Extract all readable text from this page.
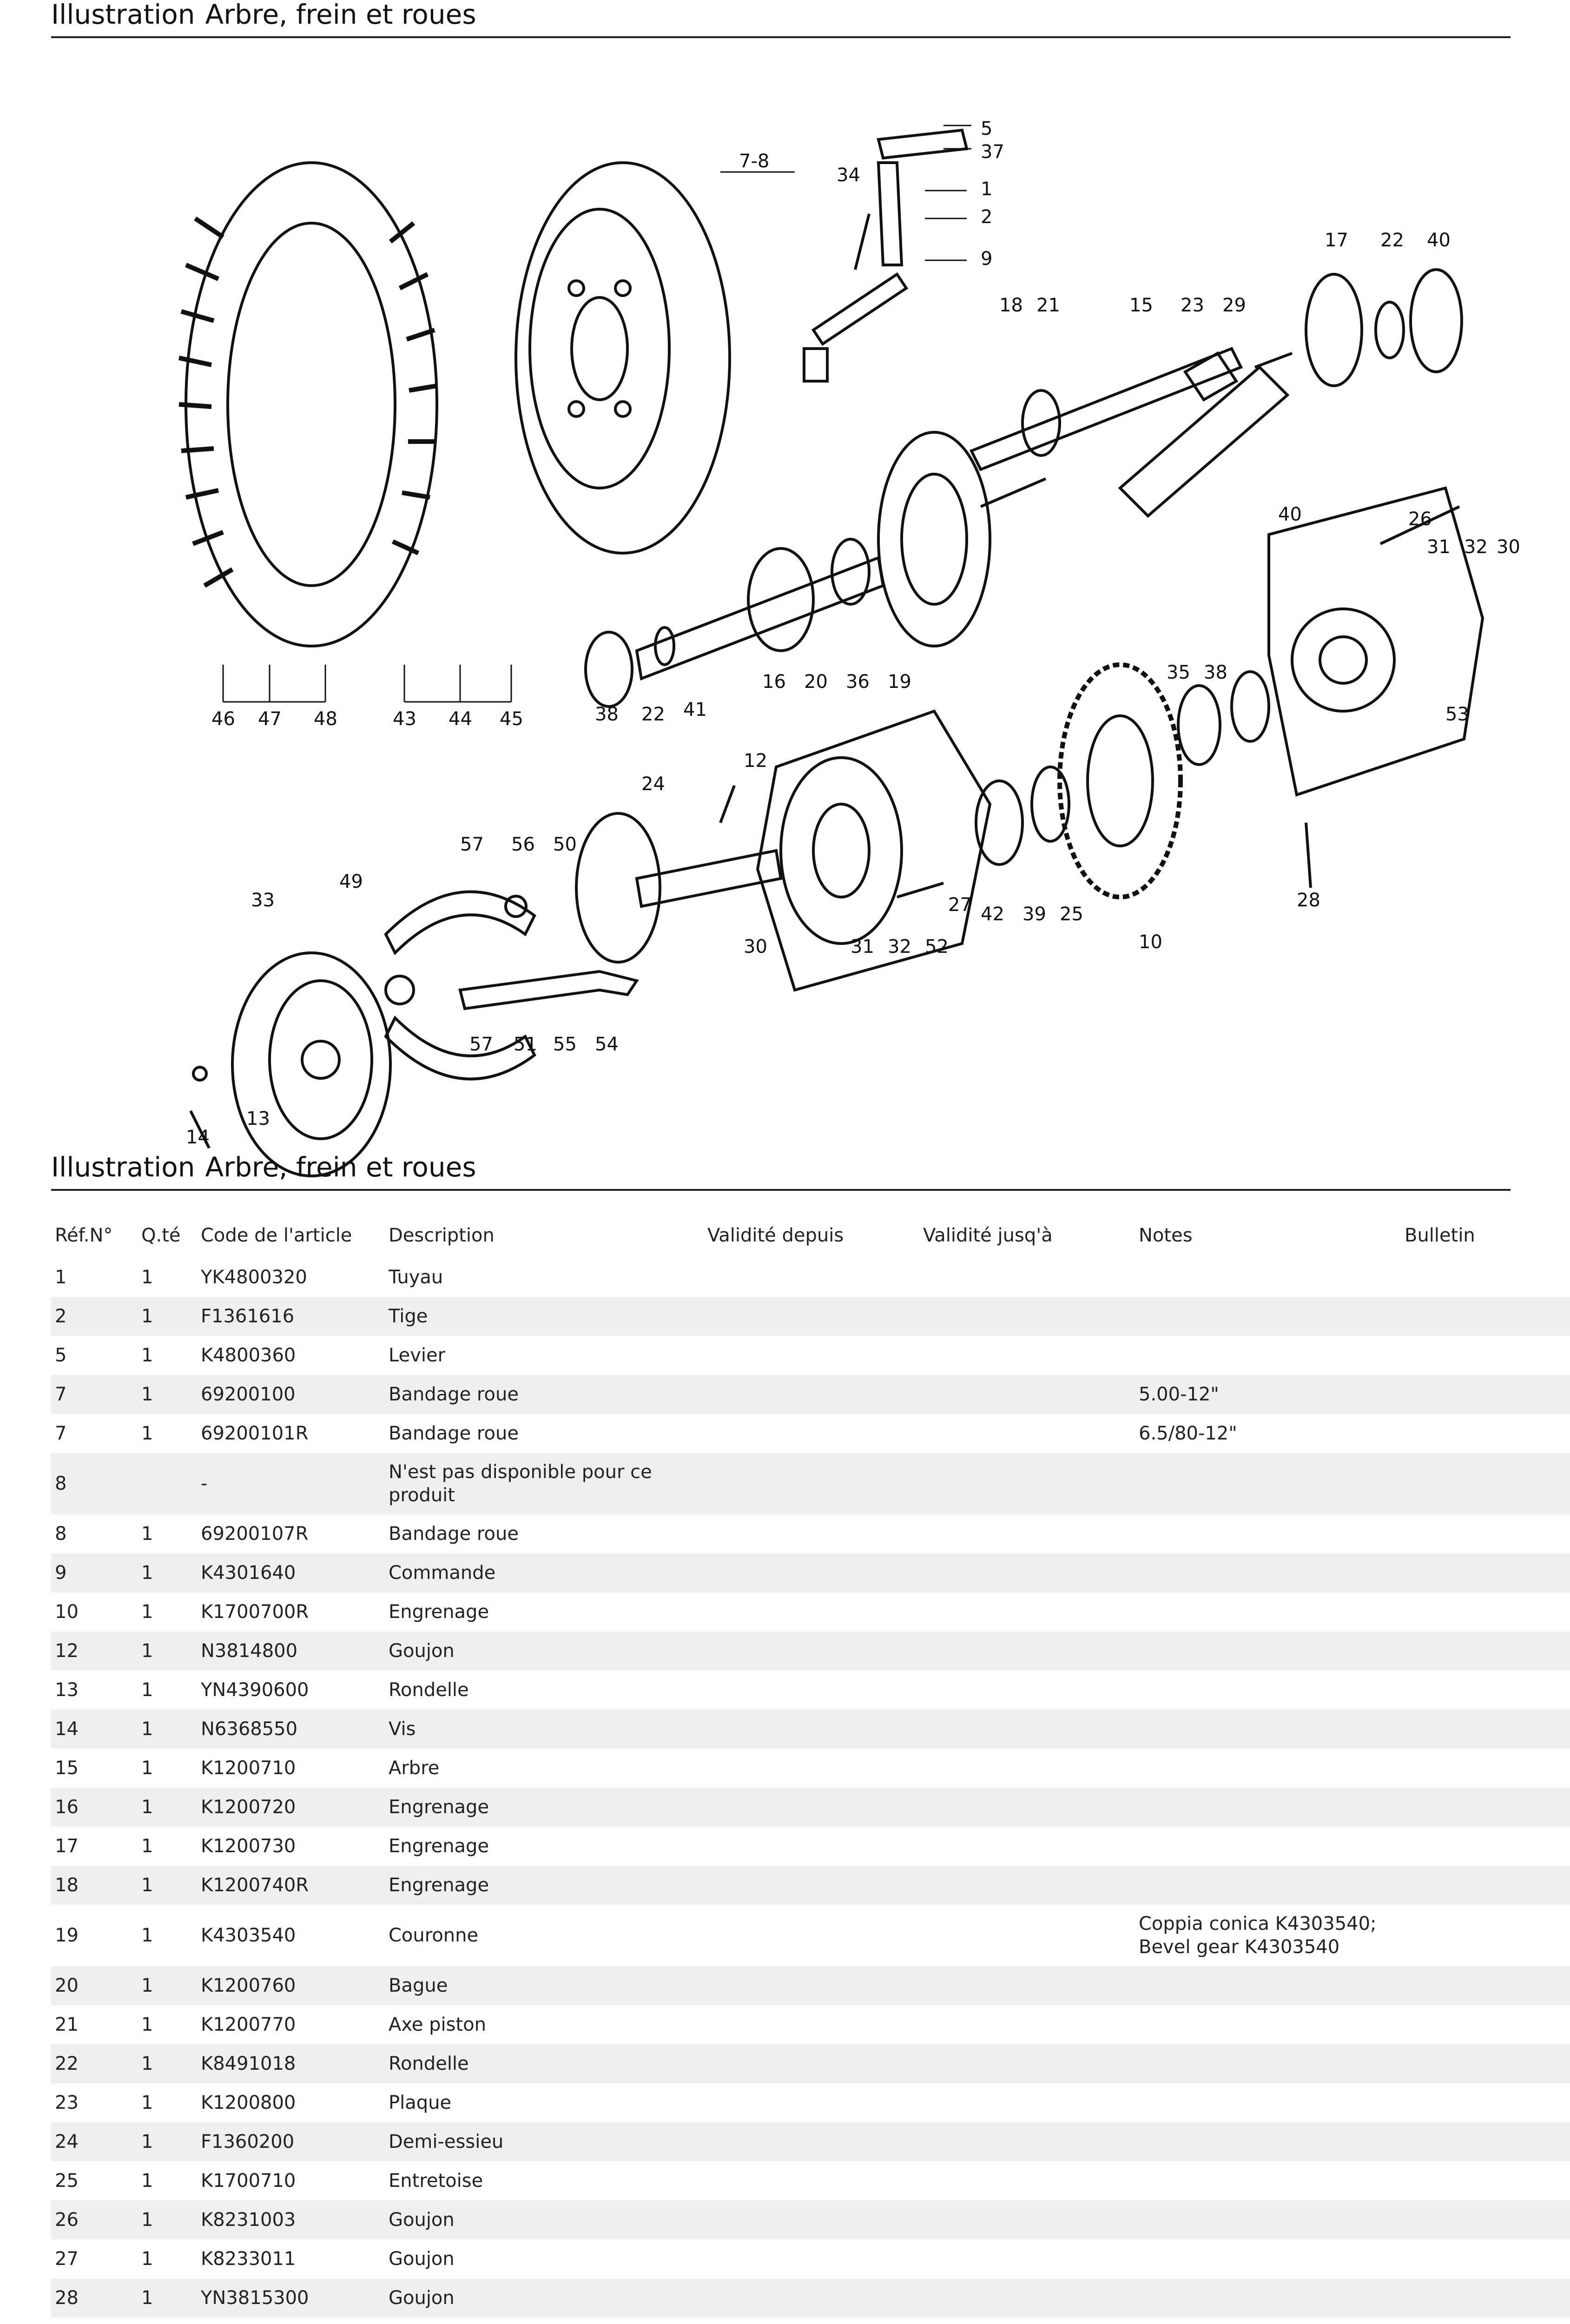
Illustration Arbre, frein et roues
5
37
1
2
9
34
7-8
18 21	15 23 29
17 22 40
26
31 32 30
40
46 47 48	43 44 45	38 22 41
16 20 36 19	35 38
53
28
12
24
10
57 56 50
49
33	27 42 39 25
30	31 32 52
57 51 55 54
14
13
Illustration Arbre, frein et roues
Réf.N°	Q.té	Code de l'article	Description	Validité depuis	Validité jusq'à	Notes	Bulletin
1	1	YK4800320	Tuyau				
2	1	F1361616	Tige				
5	1	K4800360	Levier				
7	1	69200100	Bandage roue			5.00-12"	
7	1	69200101R	Bandage roue			6.5/80-12"	
8		-	N'est pas disponible pour ce produit				
8	1	69200107R	Bandage roue				
9	1	K4301640	Commande				
10	1	K1700700R	Engrenage				
12	1	N3814800	Goujon				
13	1	YN4390600	Rondelle				
14	1	N6368550	Vis				
15	1	K1200710	Arbre				
16	1	K1200720	Engrenage				
17	1	K1200730	Engrenage				
18	1	K1200740R	Engrenage				
19	1	K4303540	Couronne			Coppia conica K4303540; Bevel gear K4303540	
20	1	K1200760	Bague				
21	1	K1200770	Axe piston				
22	1	K8491018	Rondelle				
23	1	K1200800	Plaque				
24	1	F1360200	Demi-essieu				
25	1	K1700710	Entretoise				
26	1	K8231003	Goujon				
27	1	K8233011	Goujon				
28	1	YN3815300	Goujon				
